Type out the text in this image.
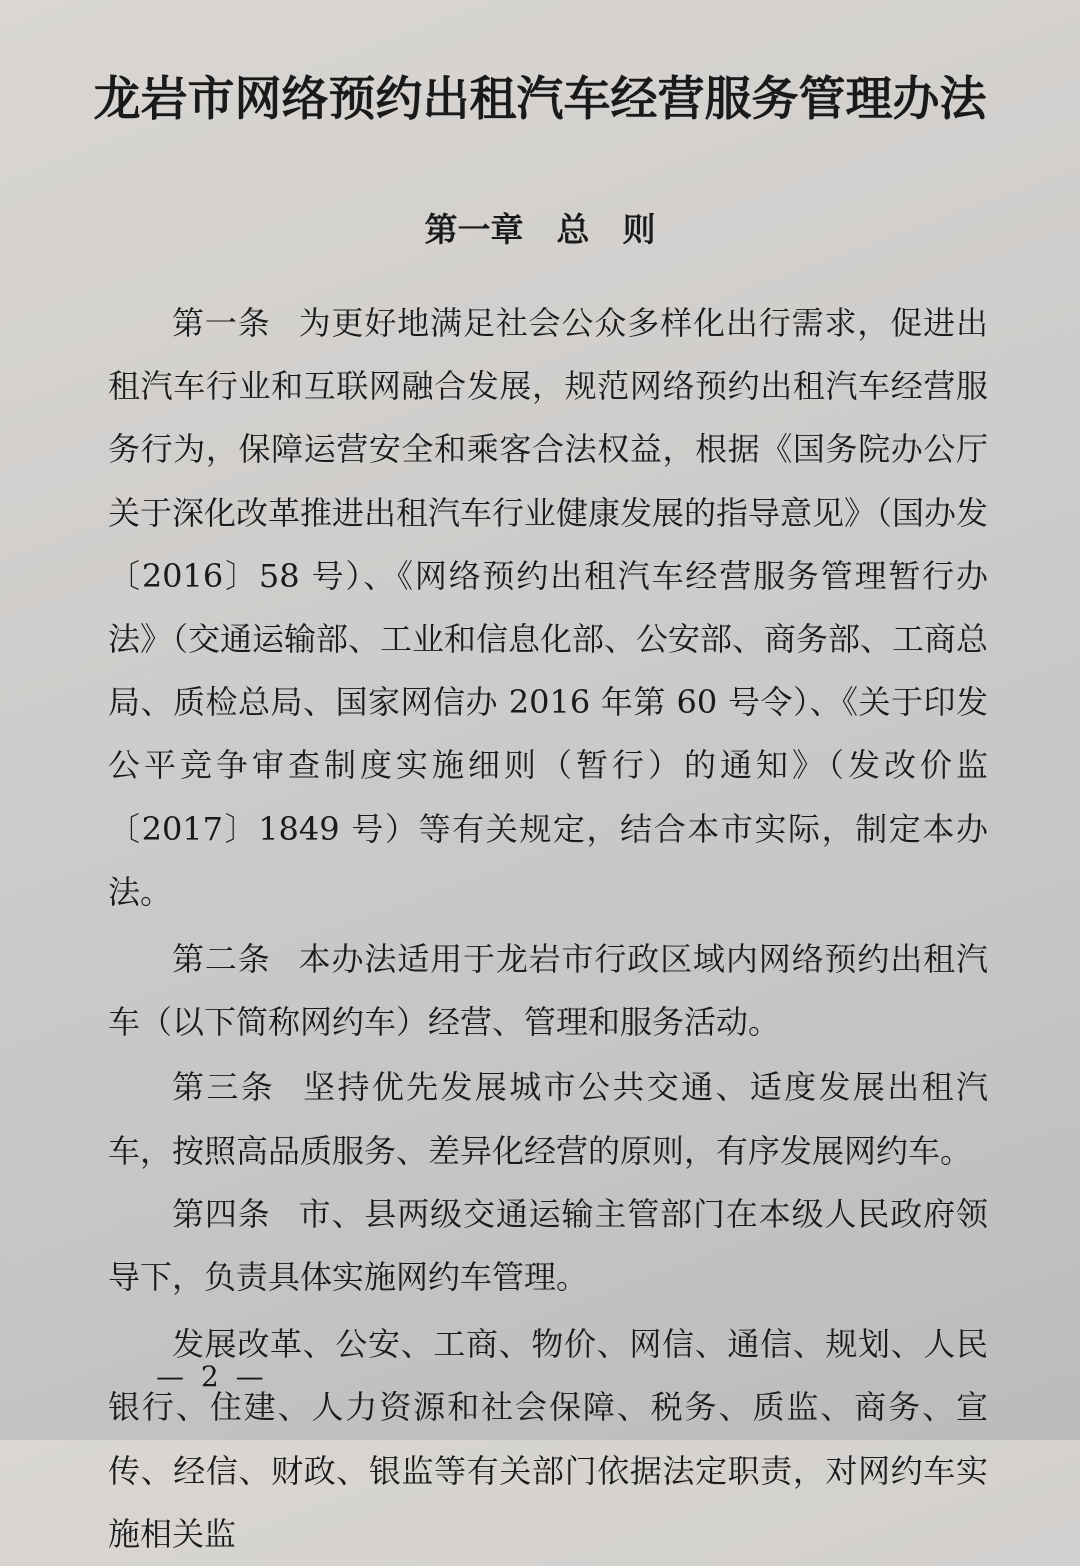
龙岩市网络预约出租汽车经营服务管理办法
第一章　总　则

第一条 为更好地满足社会公众多样化出行需求，促进出租汽车行业和互联网融合发展，规范网络预约出租汽车经营服务行为，保障运营安全和乘客合法权益，根据《国务院办公厅关于深化改革推进出租汽车行业健康发展的指导意见》（国办发〔2016〕58 号）、《网络预约出租汽车经营服务管理暂行办法》（交通运输部、工业和信息化部、公安部、商务部、工商总局、质检总局、国家网信办 2016 年第 60 号令）、《关于印发公平竞争审查制度实施细则（暂行）的通知》（发改价监〔2017〕1849 号）等有关规定，结合本市实际，制定本办法。

第二条 本办法适用于龙岩市行政区域内网络预约出租汽车（以下简称网约车）经营、管理和服务活动。

第三条 坚持优先发展城市公共交通、适度发展出租汽车，按照高品质服务、差异化经营的原则，有序发展网约车。

第四条 市、县两级交通运输主管部门在本级人民政府领导下，负责具体实施网约车管理。

发展改革、公安、工商、物价、网信、通信、规划、人民银行、住建、人力资源和社会保障、税务、质监、商务、宣传、经信、财政、银监等有关部门依据法定职责，对网约车实施相关监

— 2 —
